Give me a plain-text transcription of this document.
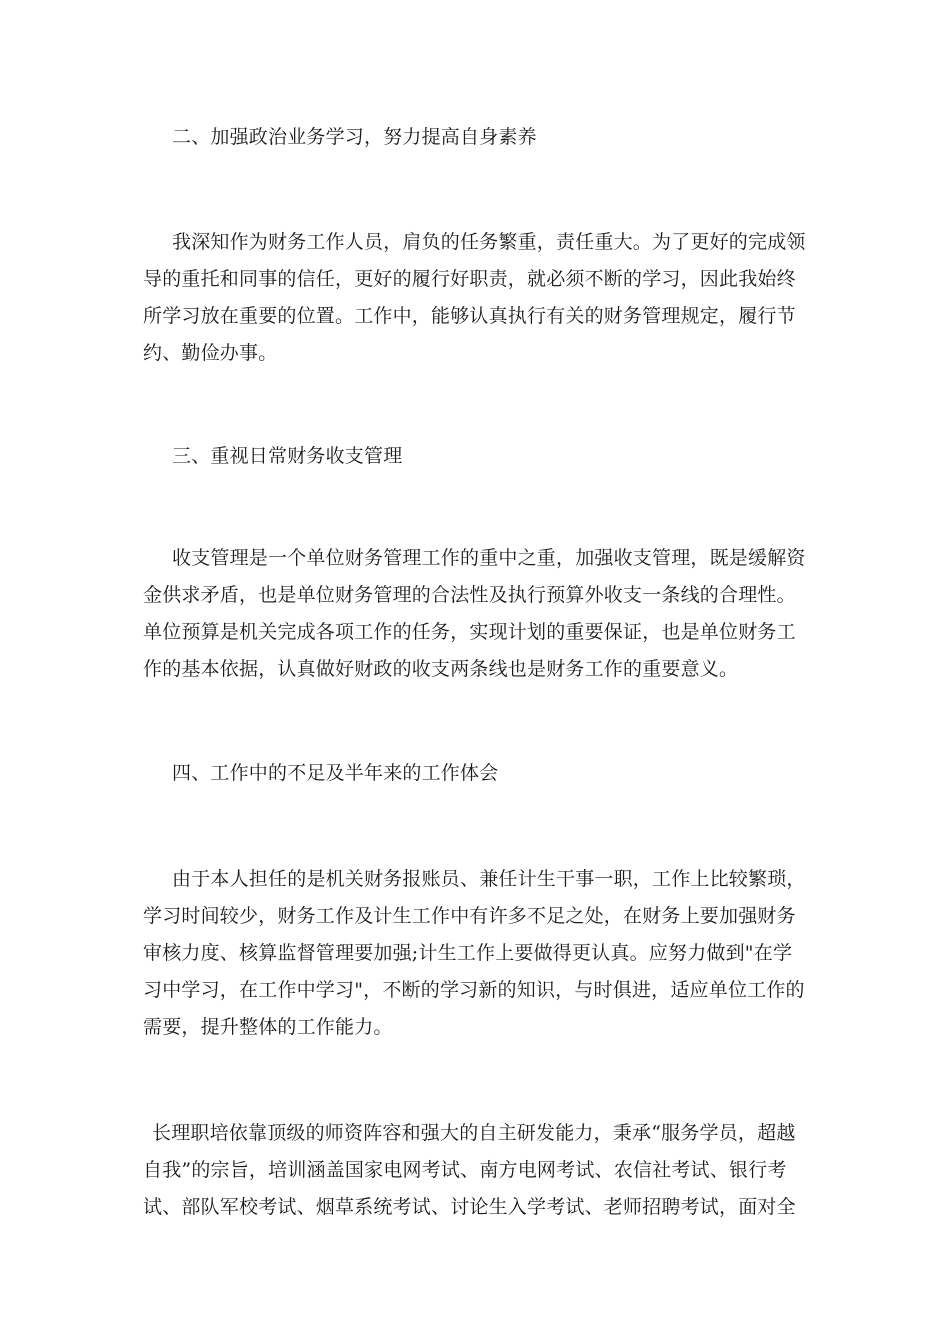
二、加强政治业务学习，努力提高自身素养
我深知作为财务工作人员，肩负的任务繁重，责任重大。为了更好的完成领
导的重托和同事的信任，更好的履行好职责，就必须不断的学习，因此我始终
所学习放在重要的位置。工作中，能够认真执行有关的财务管理规定，履行节
约、勤俭办事。
三、重视日常财务收支管理
收支管理是一个单位财务管理工作的重中之重，加强收支管理，既是缓解资
金供求矛盾，也是单位财务管理的合法性及执行预算外收支一条线的合理性。
单位预算是机关完成各项工作的任务，实现计划的重要保证，也是单位财务工
作的基本依据，认真做好财政的收支两条线也是财务工作的重要意义。
四、工作中的不足及半年来的工作体会
由于本人担任的是机关财务报账员、兼任计生干事一职，工作上比较繁琐，
学习时间较少，财务工作及计生工作中有许多不足之处，在财务上要加强财务
审核力度、核算监督管理要加强;计生工作上要做得更认真。应努力做到"在学
习中学习，在工作中学习"，不断的学习新的知识，与时俱进，适应单位工作的
需要，提升整体的工作能力。
长理职培依靠顶级的师资阵容和强大的自主研发能力，秉承“服务学员，超越
自我”的宗旨，培训涵盖国家电网考试、南方电网考试、农信社考试、银行考
试、部队军校考试、烟草系统考试、讨论生入学考试、老师招聘考试，面对全
